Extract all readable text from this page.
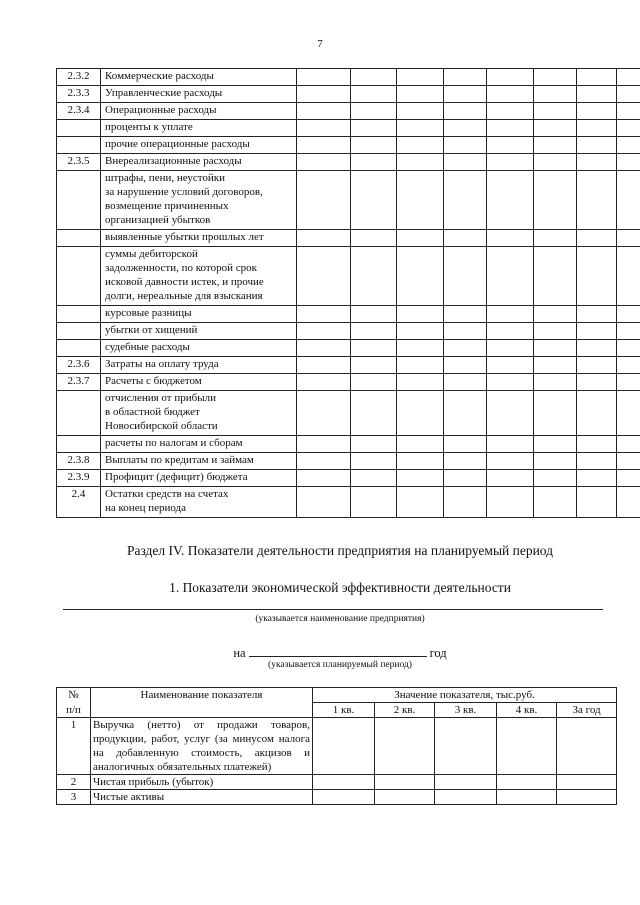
7
2.3.2	Коммерческие расходы								

2.3.3	Управленческие расходы								

2.3.4	Операционные расходы								

	проценты к уплате								

	прочие операционные расходы								

2.3.5	Внереализационные расходы								

	штрафы, пени, неустойки
за нарушение условий договоров,
возмещение причиненных
организацией убытков								

	выявленные убытки прошлых лет								

	суммы дебиторской
задолженности, по которой срок
исковой давности истек, и прочие
долги, нереальные для взыскания								

	курсовые разницы								

	убытки от хищений								

	судебные расходы								

2.3.6	Затраты на оплату труда								

2.3.7	Расчеты с бюджетом								

	отчисления от прибыли
в областной бюджет
Новосибирской области								

	расчеты по налогам и сборам								

2.3.8	Выплаты по кредитам и займам								

2.3.9	Профицит (дефицит) бюджета								

2.4	Остатки средств на счетах
на конец периода								

Раздел IV. Показатели деятельности предприятия на планируемый период
1. Показатели экономической эффективности деятельности
(указывается наименование предприятия)
на	год
(указывается планируемый период)
№	Наименование показателя	Значение показателя, тыс.руб.				
п/п		1 кв.	2 кв.	3 кв.	4 кв.	За год
1	Выручка (нетто) от продажи товаров, продукции, работ, услуг (за минусом налога на добавленную стоимость, акцизов и аналогичных обязательных платежей)					
2	Чистая прибыль (убыток)					
3	Чистые активы					
